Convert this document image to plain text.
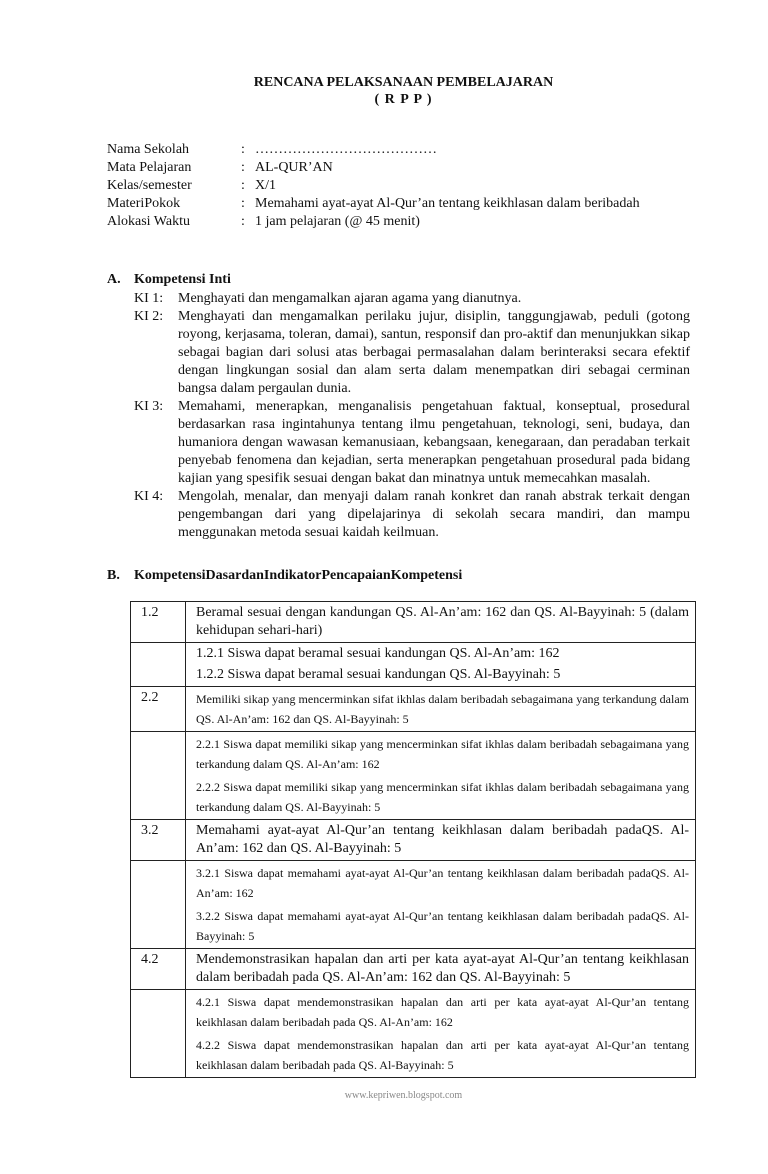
RENCANA PELAKSANAAN PEMBELAJARAN
( R P P )
Nama Sekolah	: …………………………………
Mata Pelajaran	: AL-QUR’AN
Kelas/semester	: X/1
MateriPokok	: Memahami ayat-ayat Al-Qur’an tentang keikhlasan dalam beribadah
Alokasi Waktu	: 1 jam pelajaran (@ 45 menit)
A. Kompetensi Inti
KI 1:	Menghayati dan mengamalkan ajaran agama yang dianutnya.
KI 2:	Menghayati dan mengamalkan perilaku jujur, disiplin, tanggungjawab, peduli (gotong royong, kerjasama, toleran, damai), santun, responsif dan pro-aktif dan menunjukkan sikap sebagai bagian dari solusi atas berbagai permasalahan dalam berinteraksi secara efektif dengan lingkungan sosial dan alam serta dalam menempatkan diri sebagai cerminan bangsa dalam pergaulan dunia.
KI 3:	Memahami, menerapkan, menganalisis pengetahuan faktual, konseptual, prosedural berdasarkan rasa ingintahunya tentang ilmu pengetahuan, teknologi, seni, budaya, dan humaniora dengan wawasan kemanusiaan, kebangsaan, kenegaraan, dan peradaban terkait penyebab fenomena dan kejadian, serta menerapkan pengetahuan prosedural pada bidang kajian yang spesifik sesuai dengan bakat dan minatnya untuk memecahkan masalah.
KI 4:	Mengolah, menalar, dan menyaji dalam ranah konkret dan ranah abstrak terkait dengan pengembangan dari yang dipelajarinya di sekolah secara mandiri, dan mampu menggunakan metoda sesuai kaidah keilmuan.
B. KompetensiDasardanIndikatorPencapaianKompetensi
1.2	Beramal sesuai dengan kandungan QS. Al-An’am: 162 dan QS. Al-Bayyinah: 5 (dalam kehidupan sehari-hari)

	1.2.1 Siswa dapat beramal sesuai kandungan QS. Al-An’am: 162
1.2.2 Siswa dapat beramal sesuai kandungan QS. Al-Bayyinah: 5

2.2	Memiliki sikap yang mencerminkan sifat ikhlas dalam beribadah sebagaimana yang terkandung dalam QS. Al-An’am: 162 dan QS. Al-Bayyinah: 5

	2.2.1 Siswa dapat memiliki sikap yang mencerminkan sifat ikhlas dalam beribadah sebagaimana yang terkandung dalam QS. Al-An’am: 162
2.2.2 Siswa dapat memiliki sikap yang mencerminkan sifat ikhlas dalam beribadah sebagaimana yang terkandung dalam QS. Al-Bayyinah: 5

3.2	Memahami ayat-ayat Al-Qur’an tentang keikhlasan dalam beribadah padaQS. Al-An’am: 162 dan QS. Al-Bayyinah: 5

	3.2.1 Siswa dapat memahami ayat-ayat Al-Qur’an tentang keikhlasan dalam beribadah padaQS. Al-An’am: 162
3.2.2 Siswa dapat memahami ayat-ayat Al-Qur’an tentang keikhlasan dalam beribadah padaQS. Al-Bayyinah: 5

4.2	Mendemonstrasikan hapalan dan arti per kata ayat-ayat Al-Qur’an tentang keikhlasan dalam beribadah pada QS. Al-An’am: 162 dan QS. Al-Bayyinah: 5

	4.2.1 Siswa dapat mendemonstrasikan hapalan dan arti per kata ayat-ayat Al-Qur’an tentang keikhlasan dalam beribadah pada QS. Al-An’am: 162
4.2.2 Siswa dapat mendemonstrasikan hapalan dan arti per kata ayat-ayat Al-Qur’an tentang keikhlasan dalam beribadah pada QS. Al-Bayyinah: 5
www.kepriwen.blogspot.com
